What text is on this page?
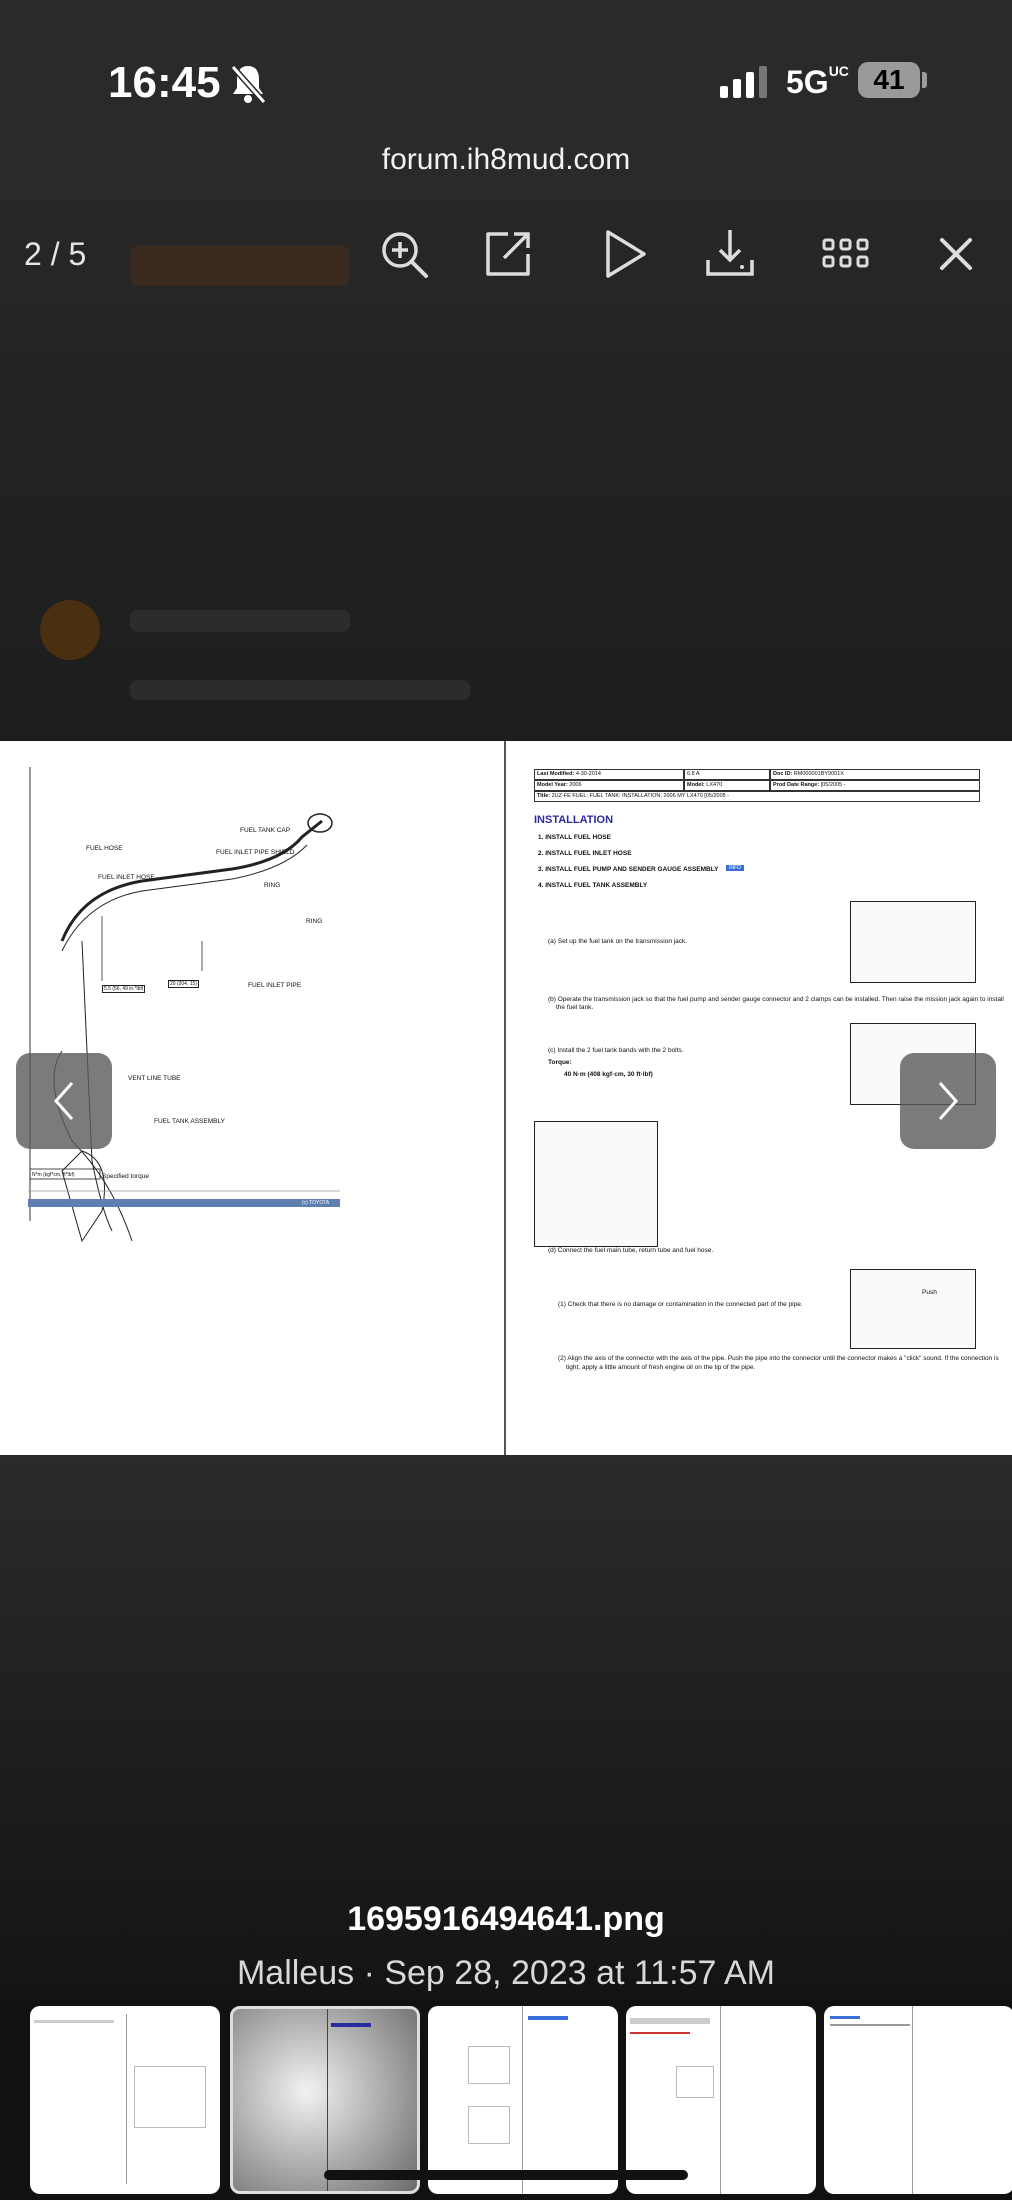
16:45	5GUC 41
forum.ih8mud.com
2 / 5
FUEL HOSE
FUEL INLET HOSE
FUEL TANK CAP
FUEL INLET PIPE SHIELD
RING
RING
FUEL INLET PIPE
VENT LINE TUBE
FUEL TANK ASSEMBLY
Specified torque
5.5 (56, 49 in.*lbf)
20 (204, 15)
N*m (kgf*cm, ft*lbf)
(c) TOYOTA
Last Modified: 4-30-2014	6.8 A	Doc ID: RM000001BY9001X
Model Year: 2006	Model: LX470	Prod Date Range: [05/2005 -
Title: 2UZ-FE FUEL: FUEL TANK: INSTALLATION; 2006 MY LX470 [05/2005 -
INSTALLATION
1. INSTALL FUEL HOSE
2. INSTALL FUEL INLET HOSE
3. INSTALL FUEL PUMP AND SENDER GAUGE ASSEMBLY	INFO
4. INSTALL FUEL TANK ASSEMBLY
(a) Set up the fuel tank on the transmission jack.
(b) Operate the transmission jack so that the fuel pump and sender gauge connector and 2 clamps can be installed. Then raise the mission jack again to install
the fuel tank.
(c) Install the 2 fuel tank bands with the 2 bolts.
Torque:
40 N·m (408 kgf·cm, 30 ft·lbf)
(d) Connect the fuel main tube, return tube and fuel hose.
(1) Check that there is no damage or contamination in the connected part of the pipe.
Push
(2) Align the axis of the connector with the axis of the pipe. Push the pipe into the connector until the connector makes a "click" sound. If the connection is
tight, apply a little amount of fresh engine oil on the tip of the pipe.
1695916494641.png
Malleus · Sep 28, 2023 at 11:57 AM
